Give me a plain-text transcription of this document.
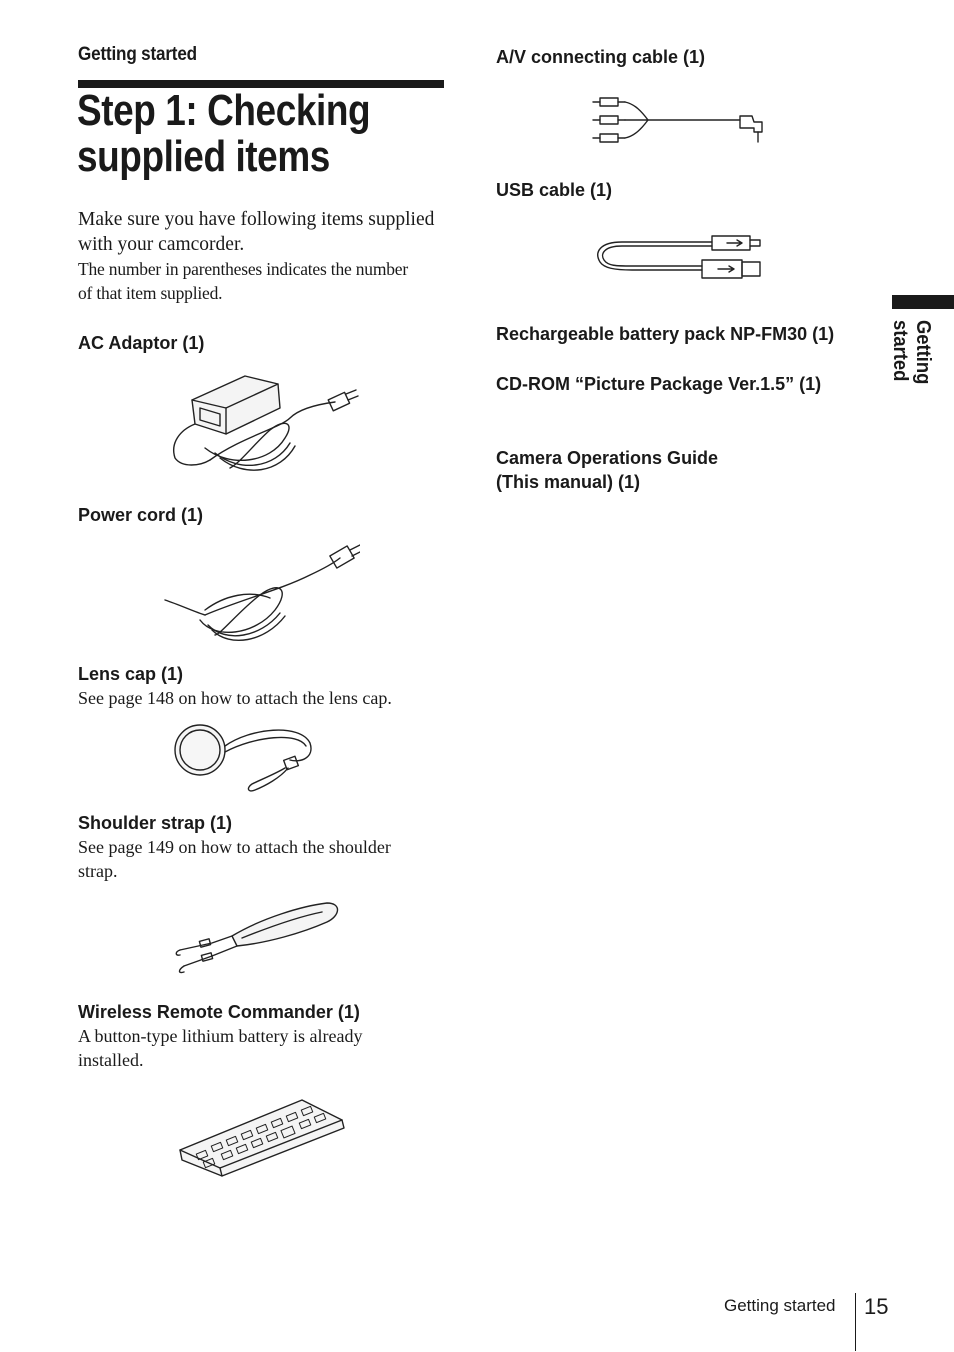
Getting started
Step 1: Checking
supplied items
Make sure you have following items supplied
with your camcorder.
The number in parentheses indicates the number
of that item supplied.
AC Adaptor (1)
Power cord (1)
Lens cap (1)
See page 148 on how to attach the lens cap.
Shoulder strap (1)
See page 149 on how to attach the shoulder
strap.
Wireless Remote Commander (1)
A button-type lithium battery is already
installed.
A/V connecting cable (1)
USB cable (1)
Rechargeable battery pack NP-FM30 (1)
CD-ROM “Picture Package Ver.1.5” (1)
Camera Operations Guide
(This manual) (1)
Getting started
Getting started 15
